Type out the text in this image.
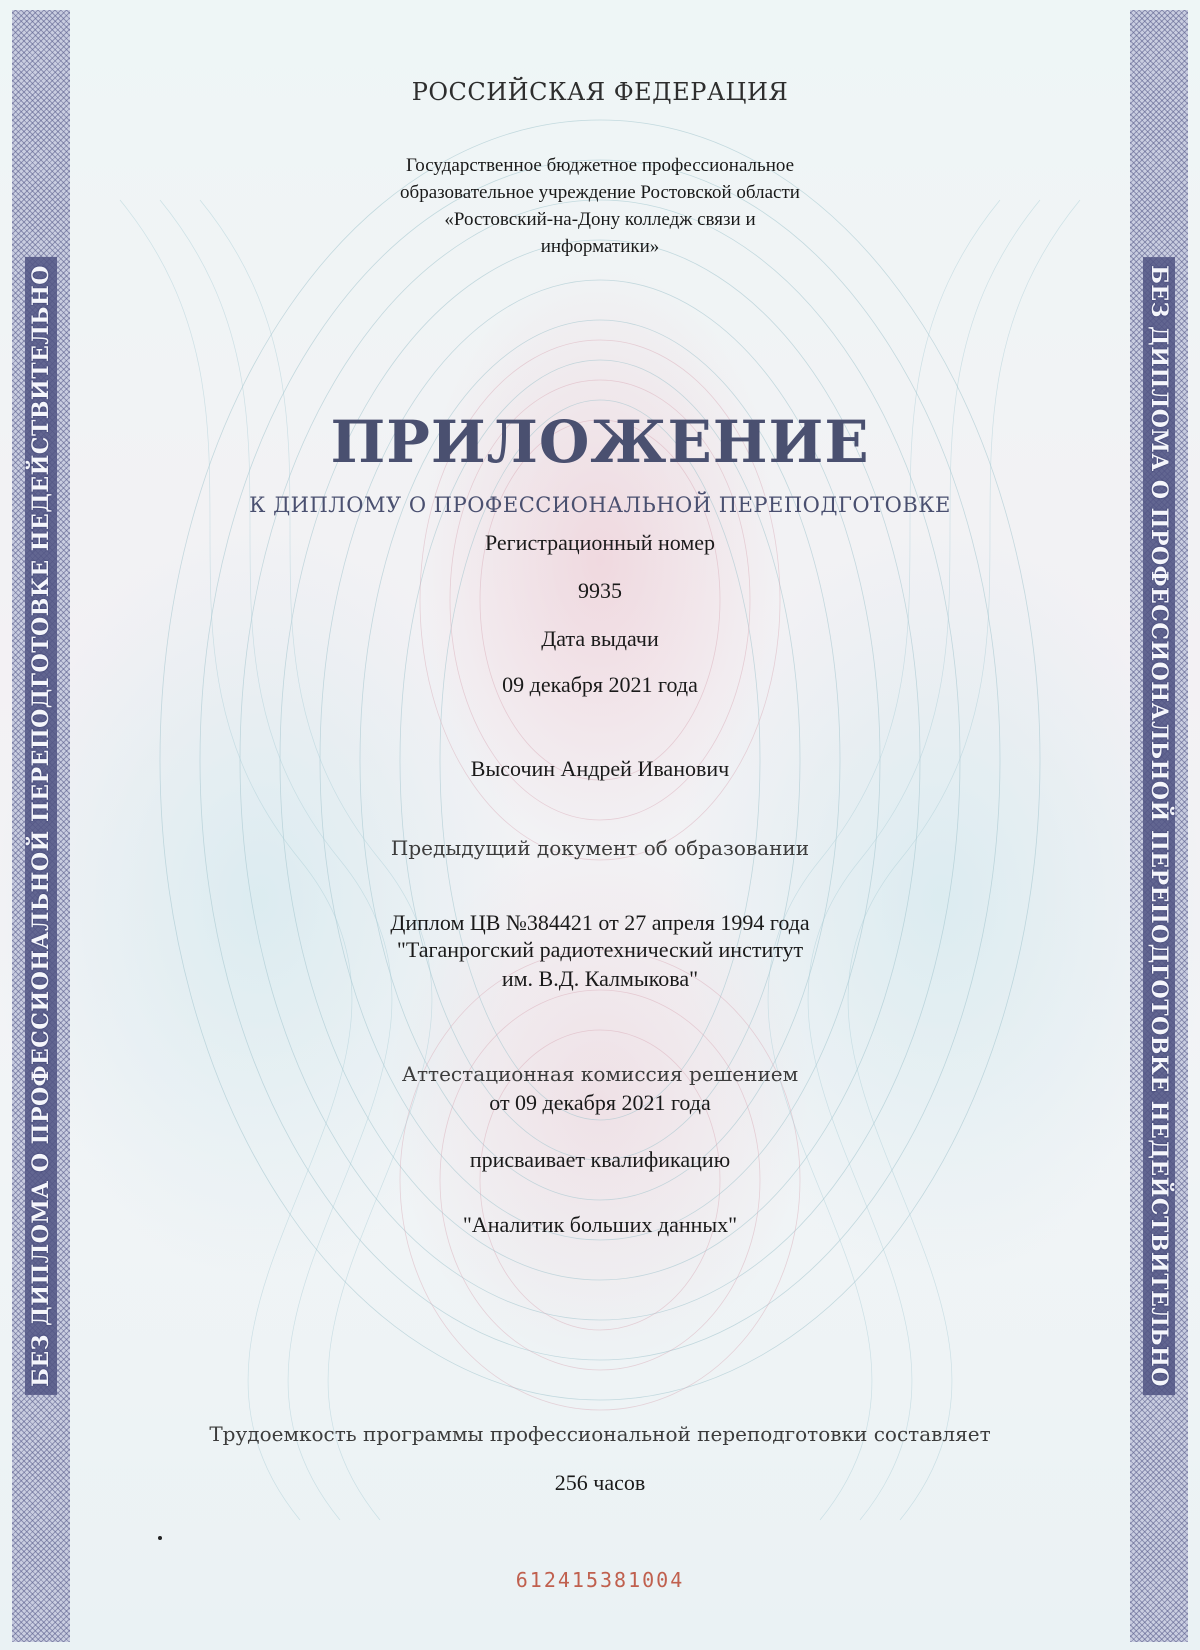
БЕЗ ДИПЛОМА О ПРОФЕССИОНАЛЬНОЙ ПЕРЕПОДГОТОВКЕ НЕДЕЙСТВИТЕЛЬНО	БЕЗ ДИПЛОМА О ПРОФЕССИОНАЛЬНОЙ ПЕРЕПОДГОТОВКЕ НЕДЕЙСТВИТЕЛЬНО
РОССИЙСКАЯ ФЕДЕРАЦИЯ
Государственное бюджетное профессиональное
образовательное учреждение Ростовской области
«Ростовский-на-Дону колледж связи и
информатики»
ПРИЛОЖЕНИЕ
К ДИПЛОМУ О ПРОФЕССИОНАЛЬНОЙ ПЕРЕПОДГОТОВКЕ
Регистрационный номер
9935
Дата выдачи
09 декабря 2021 года
Высочин Андрей Иванович
Предыдущий документ об образовании
Диплом ЦВ №384421 от 27 апреля 1994 года
"Таганрогский радиотехнический институт
им. В.Д. Калмыкова"
Аттестационная комиссия решением
от 09 декабря 2021 года
присваивает квалификацию
"Аналитик больших данных"
Трудоемкость программы профессиональной переподготовки составляет
256 часов
612415381004
